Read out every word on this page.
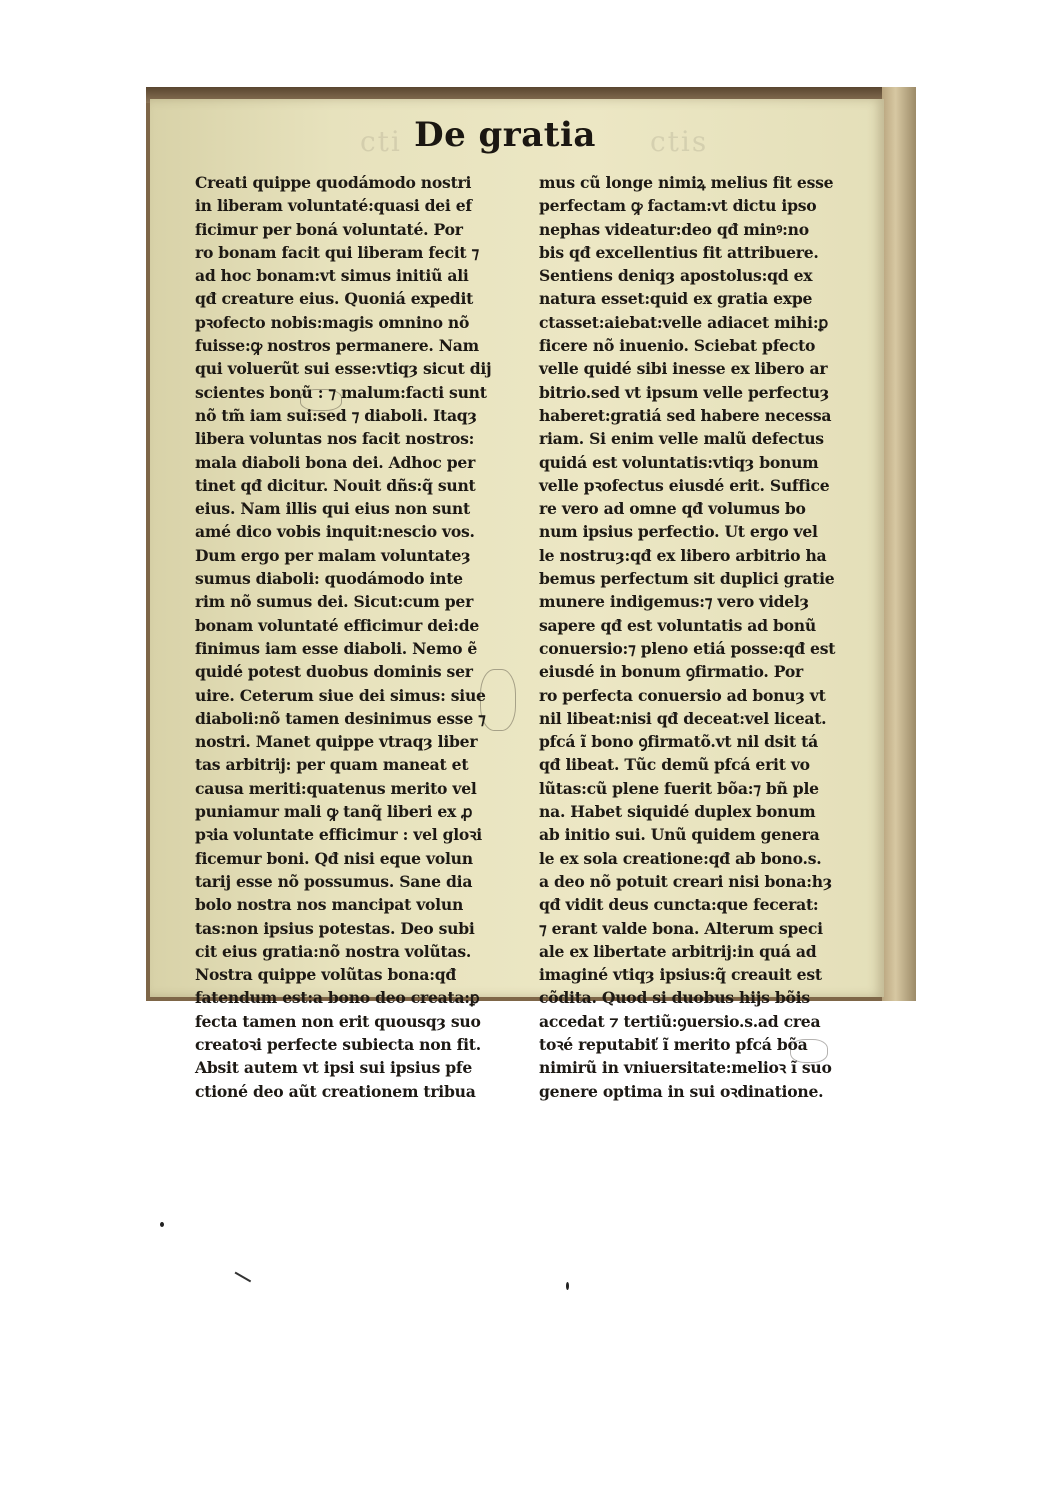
cti	ctis
De gratia
Creati quippe quodámodo nostri
in liberam voluntaté:quasi dei ef
ficimur per boná voluntaté. Por
ro bonam facit qui liberam fecit ⁊
ad hoc bonam:vt simus initiũ ali
qđ creature eius. Quoniá expedit
pꝛofecto nobis:magis omnino nõ
fuisse:ꝙ nostros permanere. Nam
qui voluerũt sui esse:vtiqȝ sicut dij
scientes bonũ : ⁊ malum:facti sunt
nõ tm̃ iam sui:sed ⁊ diaboli. Itaqȝ
libera voluntas nos facit nostros:
mala diaboli bona dei. Adhoc per
tinet qđ dicitur. Nouit dñs:q̃ sunt
eius. Nam illis qui eius non sunt
amé dico vobis inquit:nescio vos.
Dum ergo per malam voluntateȝ
sumus diaboli: quodámodo inte
rim nõ sumus dei. Sicut:cum per
bonam voluntaté efficimur dei:de
finimus iam esse diaboli. Nemo ẽ
quidé potest duobus dominis ser
uire. Ceterum siue dei simus: siue
diaboli:nõ tamen desinimus esse ⁊
nostri. Manet quippe vtraqȝ liber
tas arbitrij: per quam maneat et
causa meriti:quatenus merito vel
puniamur mali ꝙ tanq̃ liberi ex ꝓ
pꝛia voluntate efficimur : vel gloꝛi
ficemur boni. Qđ nisi eque volun
tarij esse nõ possumus. Sane dia
bolo nostra nos mancipat volun
tas:non ipsius potestas. Deo subi
cit eius gratia:nõ nostra volũtas.
Nostra quippe volũtas bona:qđ
fatendum est:a bono deo creata:ꝑ
fecta tamen non erit quousqȝ suo
creatoꝛi perfecte subiecta non fit.
Absit autem vt ipsi sui ipsius pfe
ctioné deo aũt creationem tribua
mus cũ longe nimiꝝ melius fit esse
perfectam ꝙ factam:vt dictu ipso
nephas videatur:deo qđ minꝰ:no
bis qđ excellentius fit attribuere.
Sentiens deniqȝ apostolus:qd ex
natura esset:quid ex gratia expe
ctasset:aiebat:velle adiacet mihi:ꝑ
ficere nõ inuenio. Sciebat pfecto
velle quidé sibi inesse ex libero ar
bitrio.sed vt ipsum velle perfectuȝ
haberet:gratiá sed habere necessa
riam. Si enim velle malũ defectus
quidá est voluntatis:vtiqȝ bonum
velle pꝛofectus eiusdé erit. Suffice
re vero ad omne qđ volumus bo
num ipsius perfectio. Ut ergo vel
le nostruȝ:qđ ex libero arbitrio ha
bemus perfectum sit duplici gratie
munere indigemus:⁊ vero videlȝ
sapere qđ est voluntatis ad bonũ
conuersio:⁊ pleno etiá posse:qđ est
eiusdé in bonum ꝯfirmatio. Por
ro perfecta conuersio ad bonuȝ vt
nil libeat:nisi qđ deceat:vel liceat.
pfcá ĩ bono ꝯfirmatõ.vt nil dsit tá
qđ libeat. Tũc demũ pfcá erit vo
lũtas:cũ plene fuerit bõa:⁊ bñ ple
na. Habet siquidé duplex bonum
ab initio sui. Unũ quidem genera
le ex sola creatione:qđ ab bono.s.
a deo nõ potuit creari nisi bona:hȝ
qđ vidit deus cuncta:que fecerat:
⁊ erant valde bona. Alterum speci
ale ex libertate arbitrij:in quá ad
imaginé vtiqȝ ipsius:q̃ creauit est
cõdita. Quod si duobus hijs bõis
accedat ⁊ tertiũ:ꝯuersio.s.ad crea
toꝛé reputabiť ĩ merito pfcá bõa
nimirũ in vniuersitate:melioꝛ ĩ suo
genere optima in sui oꝛdinatione.
